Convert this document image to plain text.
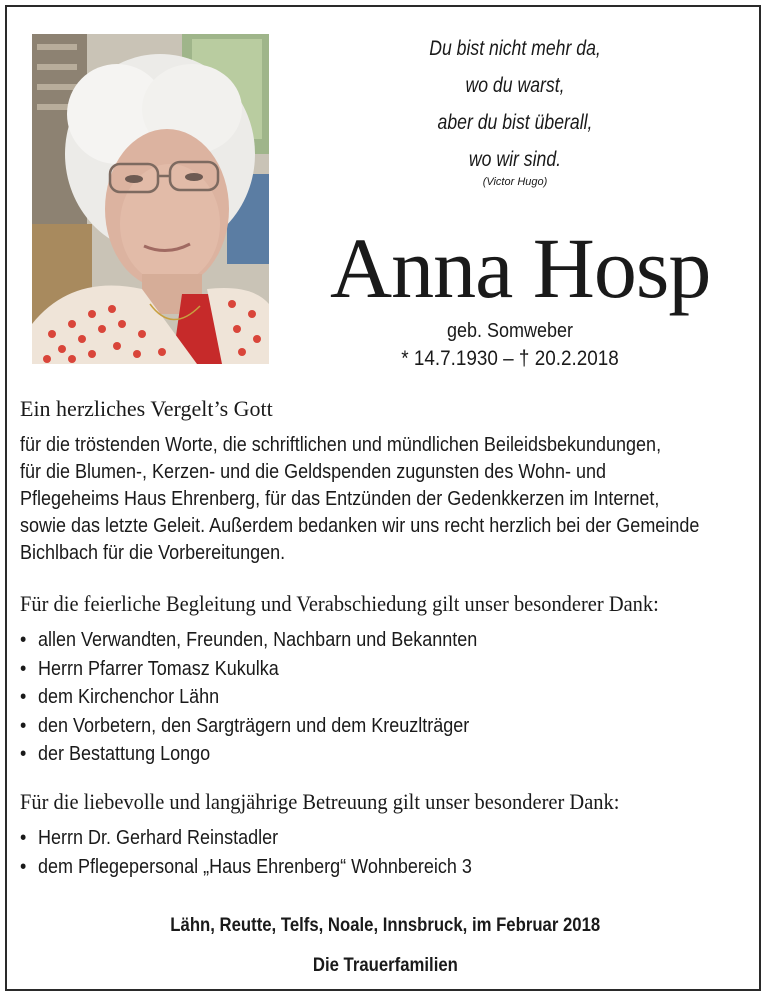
Du bist nicht mehr da,
wo du warst,
aber du bist überall,
wo wir sind.
(Victor Hugo)
Anna Hosp
geb. Somweber
* 14.7.1930 – † 20.2.2018
Ein herzliches Vergelt’s Gott
für die tröstenden Worte, die schriftlichen und mündlichen Beileidsbekundungen,
für die Blumen-, Kerzen- und die Geldspenden zugunsten des Wohn- und
Pflegeheims Haus Ehrenberg, für das Entzünden der Gedenkkerzen im Internet,
sowie das letzte Geleit. Außerdem bedanken wir uns recht herzlich bei der Gemeinde
Bichlbach für die Vorbereitungen.
Für die feierliche Begleitung und Verabschiedung gilt unser besonderer Dank:
• allen Verwandten, Freunden, Nachbarn und Bekannten
• Herrn Pfarrer Tomasz Kukulka
• dem Kirchenchor Lähn
• den Vorbetern, den Sargträgern und dem Kreuzlträger
• der Bestattung Longo
Für die liebevolle und langjährige Betreuung gilt unser besonderer Dank:
• Herrn Dr. Gerhard Reinstadler
• dem Pflegepersonal „Haus Ehrenberg“ Wohnbereich 3
Lähn, Reutte, Telfs, Noale, Innsbruck, im Februar 2018
Die Trauerfamilien
